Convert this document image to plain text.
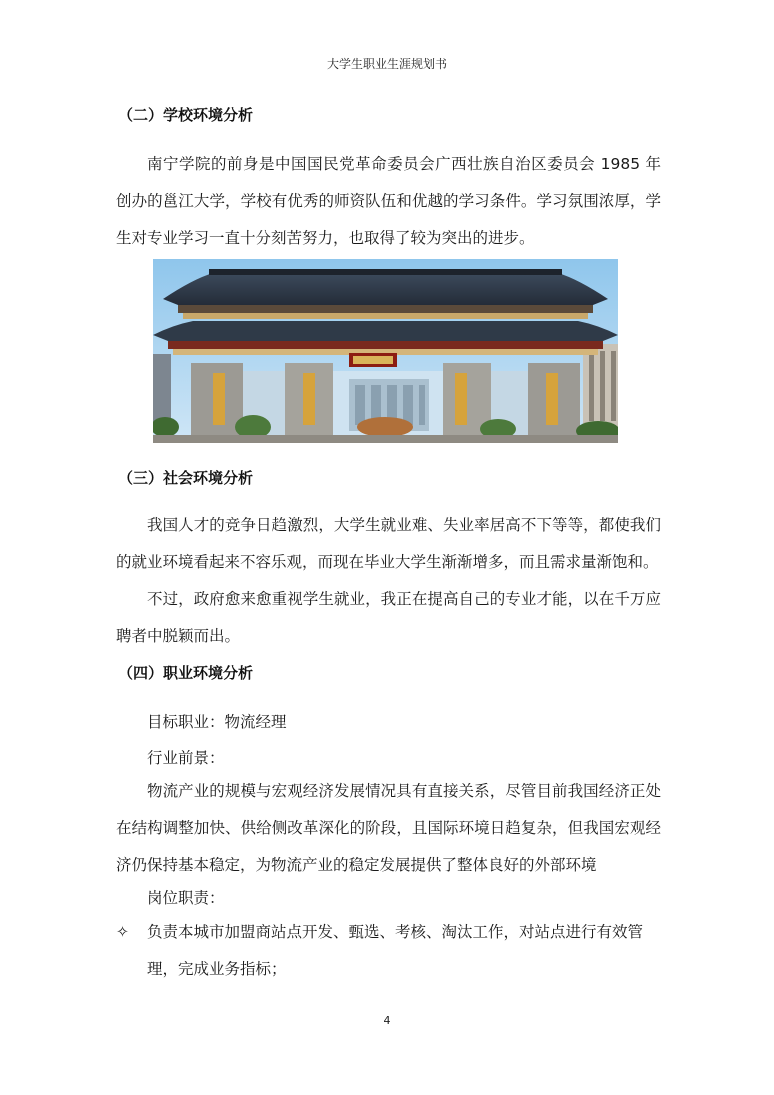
大学生职业生涯规划书
（二）学校环境分析

南宁学院的前身是中国国民党革命委员会广西壮族自治区委员会 1985 年创办的邕江大学，学校有优秀的师资队伍和优越的学习条件。学习氛围浓厚，学生对专业学习一直十分刻苦努力，也取得了较为突出的进步。

（三）社会环境分析

我国人才的竞争日趋激烈，大学生就业难、失业率居高不下等等，都使我们的就业环境看起来不容乐观，而现在毕业大学生渐渐增多，而且需求量渐饱和。

不过，政府愈来愈重视学生就业，我正在提高自己的专业才能，以在千万应聘者中脱颖而出。

（四）职业环境分析
目标职业：物流经理
行业前景：

物流产业的规模与宏观经济发展情况具有直接关系，尽管目前我国经济正处在结构调整加快、供给侧改革深化的阶段，且国际环境日趋复杂，但我国宏观经济仍保持基本稳定，为物流产业的稳定发展提供了整体良好的外部环境

岗位职责：
✧ 负责本城市加盟商站点开发、甄选、考核、淘汰工作，对站点进行有效管理，完成业务指标；
4
